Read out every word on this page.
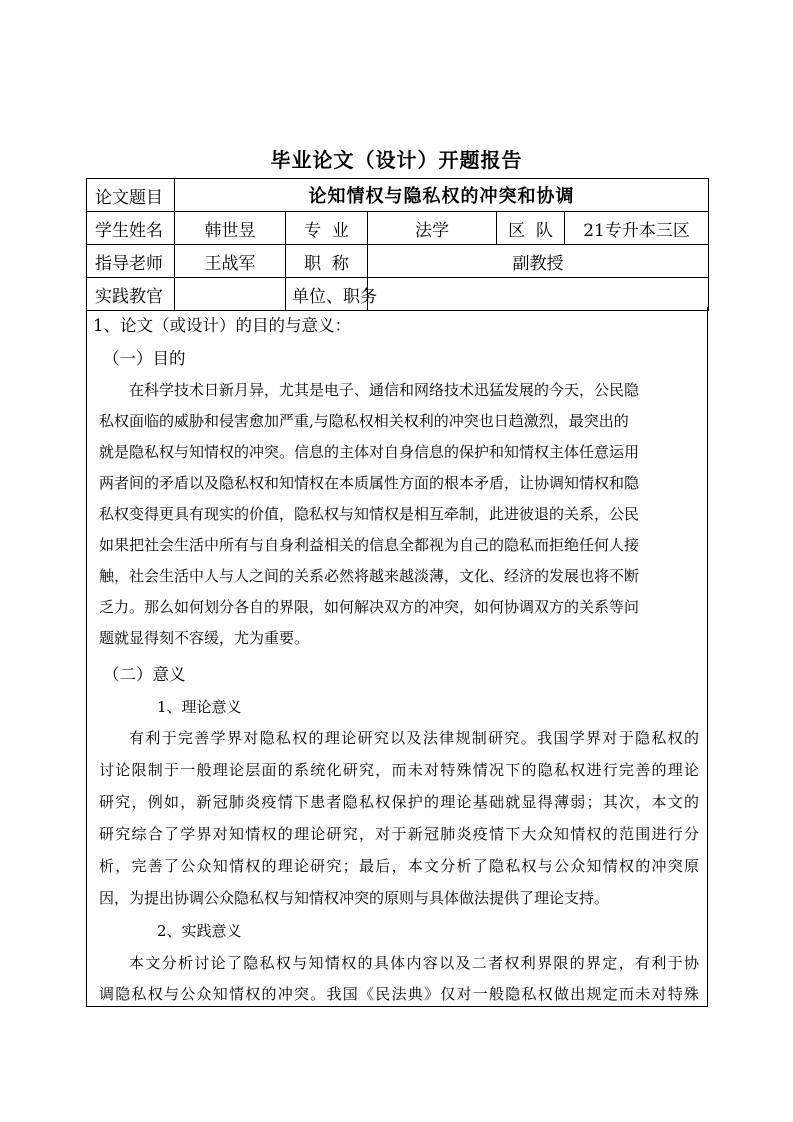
毕业论文（设计）开题报告
论文题目	论知情权与隐私权的冲突和协调				
学生姓名	韩世昱	专  业	法学	区  队	21专升本三区
指导老师	王战军	职  称	副教授		
实践教官		单位、职务			
1、论文（或设计）的目的与意义：
（一）目的
在科学技术日新月异，尤其是电子、通信和网络技术迅猛发展的今天，公民隐
私权面临的威胁和侵害愈加严重,与隐私权相关权利的冲突也日趋激烈，最突出的
就是隐私权与知情权的冲突。信息的主体对自身信息的保护和知情权主体任意运用
两者间的矛盾以及隐私权和知情权在本质属性方面的根本矛盾，让协调知情权和隐
私权变得更具有现实的价值，隐私权与知情权是相互牵制，此进彼退的关系，公民
如果把社会生活中所有与自身利益相关的信息全都视为自己的隐私而拒绝任何人接
触，社会生活中人与人之间的关系必然将越来越淡薄，文化、经济的发展也将不断
乏力。那么如何划分各自的界限，如何解决双方的冲突，如何协调双方的关系等问
题就显得刻不容缓，尤为重要。
（二）意义
1、理论意义
有利于完善学界对隐私权的理论研究以及法律规制研究。我国学界对于隐私权的
讨论限制于一般理论层面的系统化研究，而未对特殊情况下的隐私权进行完善的理论
研究，例如，新冠肺炎疫情下患者隐私权保护的理论基础就显得薄弱；其次，本文的
研究综合了学界对知情权的理论研究，对于新冠肺炎疫情下大众知情权的范围进行分
析，完善了公众知情权的理论研究；最后，本文分析了隐私权与公众知情权的冲突原
因，为提出协调公众隐私权与知情权冲突的原则与具体做法提供了理论支持。
2、实践意义
本文分析讨论了隐私权与知情权的具体内容以及二者权利界限的界定，有利于协
调隐私权与公众知情权的冲突。我国《民法典》仅对一般隐私权做出规定而未对特殊
